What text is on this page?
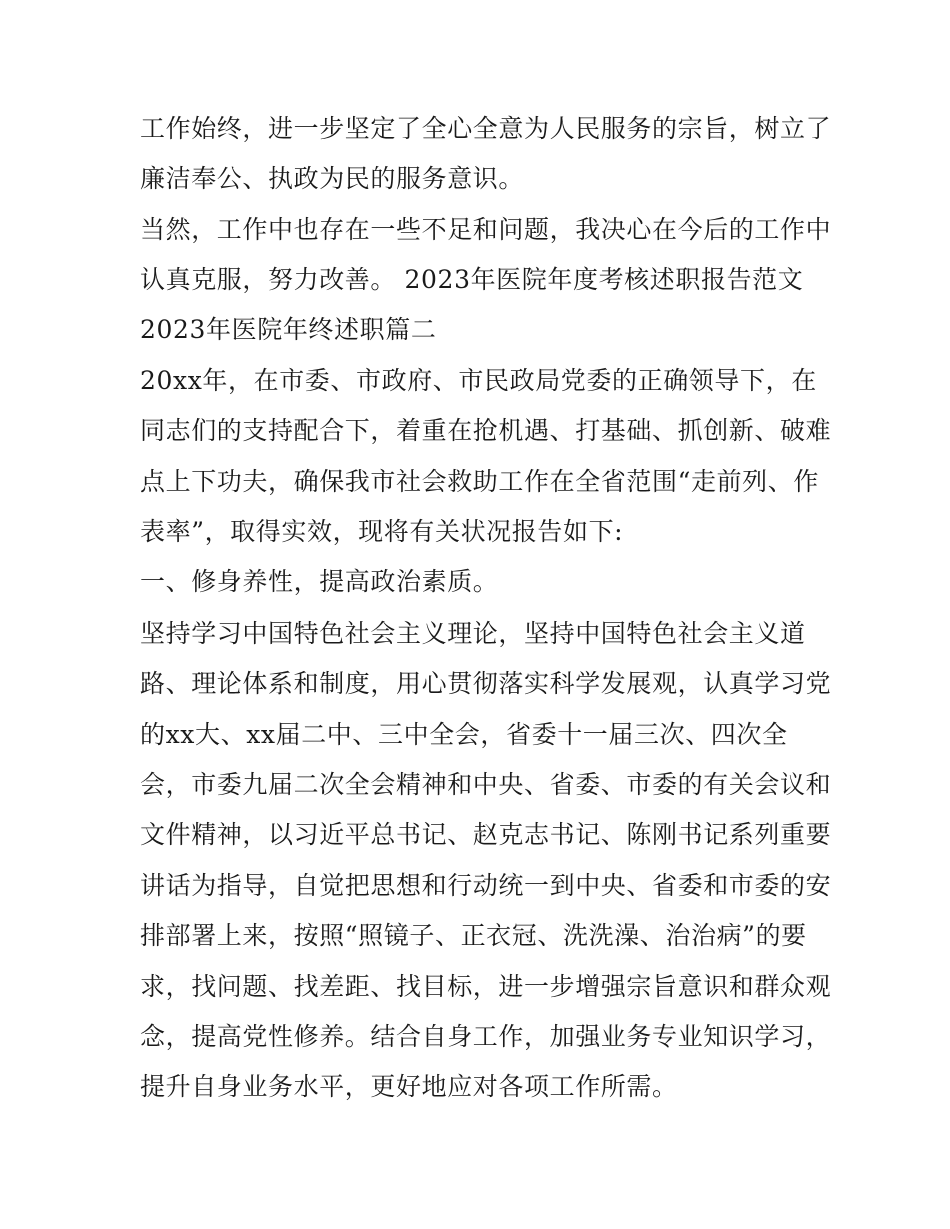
工作始终，进一步坚定了全心全意为人民服务的宗旨，树立了
廉洁奉公、执政为民的服务意识。
当然，工作中也存在一些不足和问题，我决心在今后的工作中
认真克服，努力改善。 2023年医院年度考核述职报告范文
2023年医院年终述职篇二
20xx年，在市委、市政府、市民政局党委的正确领导下，在
同志们的支持配合下，着重在抢机遇、打基础、抓创新、破难
点上下功夫，确保我市社会救助工作在全省范围“走前列、作
表率”，取得实效，现将有关状况报告如下:
一、修身养性，提高政治素质。
坚持学习中国特色社会主义理论，坚持中国特色社会主义道
路、理论体系和制度，用心贯彻落实科学发展观，认真学习党
的xx大、xx届二中、三中全会，省委十一届三次、四次全
会，市委九届二次全会精神和中央、省委、市委的有关会议和
文件精神，以习近平总书记、赵克志书记、陈刚书记系列重要
讲话为指导，自觉把思想和行动统一到中央、省委和市委的安
排部署上来，按照“照镜子、正衣冠、洗洗澡、治治病”的要
求，找问题、找差距、找目标，进一步增强宗旨意识和群众观
念，提高党性修养。结合自身工作，加强业务专业知识学习，
提升自身业务水平，更好地应对各项工作所需。
